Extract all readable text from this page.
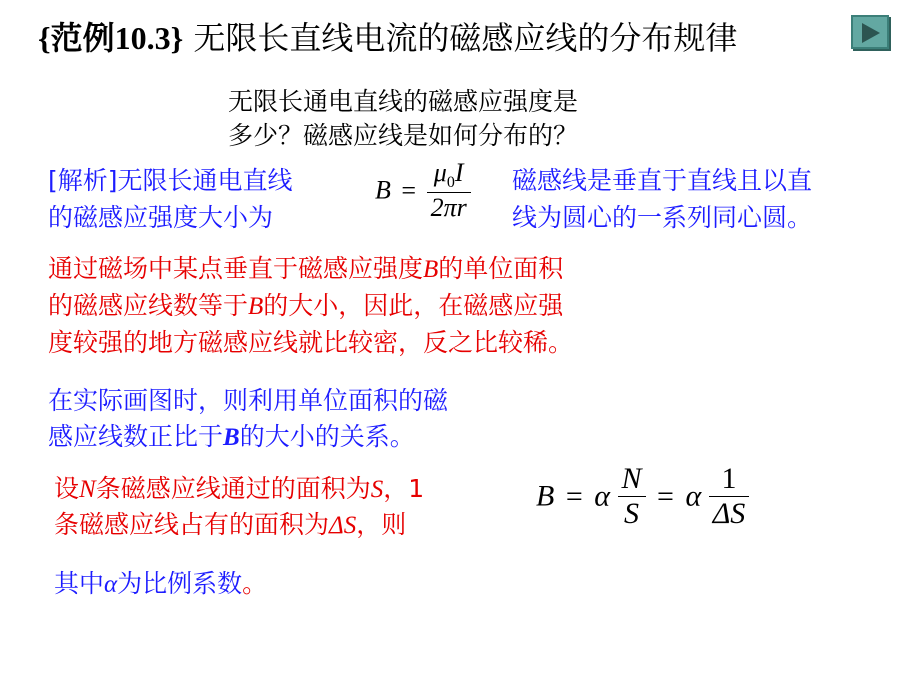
{范例10.3} 无限长直线电流的磁感应线的分布规律
无限长通电直线的磁感应强度是
多少？磁感应线是如何分布的？
[解析]无限长通电直线
的磁感应强度大小为
$B = \frac{\mu_0I}{2\pi r}$ 磁感线是垂直于直线且以直
线为圆心的一系列同心圆。
通过磁场中某点垂直于磁感应强度B的单位面积
的磁感应线数等于B的大小，因此，在磁感应强
度较强的地方磁感应线就比较密，反之比较稀。
在实际画图时，则利用单位面积的磁
感应线数正比于B的大小的关系。
设N条磁感应线通过的面积为S，1
条磁感应线占有的面积为ΔS，则
B = α $\frac{N}{S} = \alpha \frac{1}{\Delta S}$
其中α为比例系数。
